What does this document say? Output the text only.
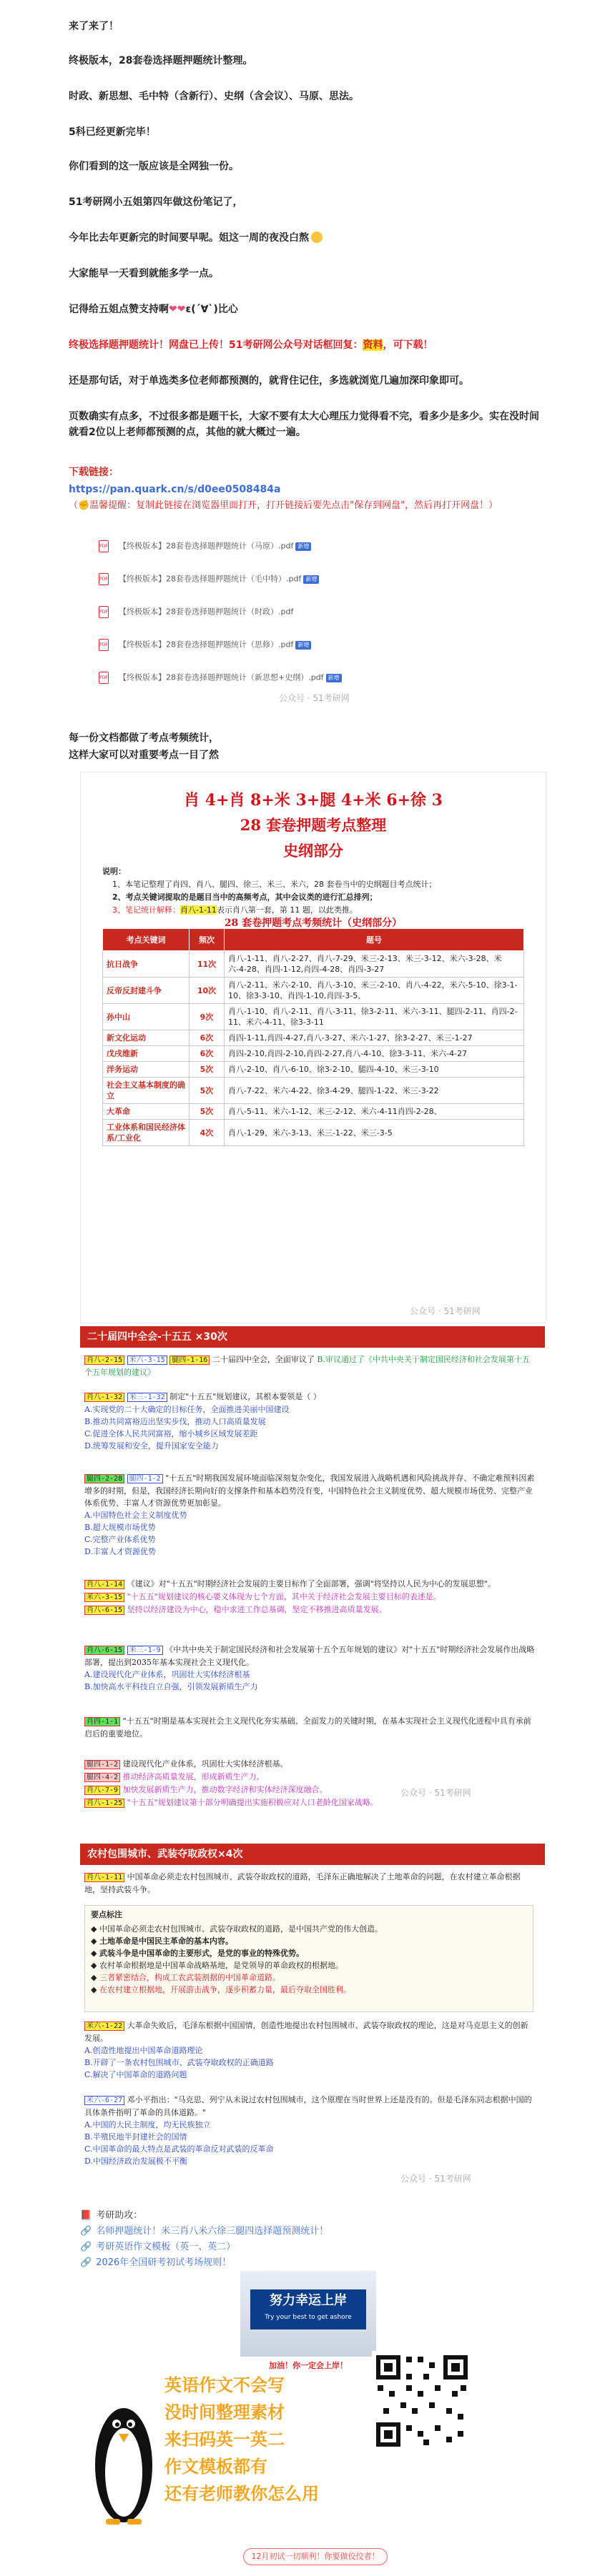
来了来了！

终极版本，28套卷选择题押题统计整理。

时政、新思想、毛中特（含新行）、史纲（含会议）、马原、思法。

5科已经更新完毕！

你们看到的这一版应该是全网独一份。

51考研网小五姐第四年做这份笔记了，

今年比去年更新完的时间要早呢。姐这一周的夜没白熬

大家能早一天看到就能多学一点。

记得给五姐点赞支持啊❤❤ε(´∀`)比心

终极选择题押题统计！网盘已上传！51考研网公众号对话框回复：资料，可下载！

还是那句话，对于单选类多位老师都预测的，就背住记住，多选就浏览几遍加深印象即可。

页数确实有点多，不过很多都是题干长，大家不要有太大心理压力觉得看不完，看多少是多少。实在没时间就看2位以上老师都预测的点，其他的就大概过一遍。

下载链接：

https://pan.quark.cn/s/d0ee0508484a

（✊温馨提醒：复制此链接在浏览器里面打开，打开链接后要先点击"保存到网盘"，然后再打开网盘！）

PDF 【终极版本】28套卷选择题押题统计（马原）.pdf 新增
PDF 【终极版本】28套卷选择题押题统计（毛中特）.pdf 新增
PDF 【终极版本】28套卷选择题押题统计（时政）.pdf
PDF 【终极版本】28套卷选择题押题统计（思修）.pdf 新增
PDF 【终极版本】28套卷选择题押题统计（新思想+史纲）.pdf 新增
公众号 · 51考研网

每一份文档都做了考点考频统计，

这样大家可以对重要考点一目了然

肖 4+肖 8+米 3+腿 4+米 6+徐 3
28 套卷押题考点整理
史纲部分
说明：
1、本笔记整理了肖四、肖八、腿四、徐三、米三、米六，28 套卷当中的史纲题目考点统计；
2、考点关键词提取的是题目当中的高频考点，其中会议类的进行汇总排列；
3、笔记统计解释：肖八-1-11表示肖八第一套，第 11 题，以此类推。
28 套卷押题考点考频统计（史纲部分）
考点关键词	频次	题号
抗日战争	11次	肖八-1-11、肖八-2-27、肖八-7-29、米三-2-13、米三-3-12、米六-3-28、米六-4-28、肖四-1-12,肖四-4-28、肖四-3-27
反帝反封建斗争	10次	肖八-2-11、米六-2-10、肖八-3-10、米三-2-10、肖八-4-22，米六-5-10、徐3-1-10、徐3-3-10、肖四-1-10,肖四-3-5、
孙中山	9次	肖八-1-10、肖八-2-11、肖八-3-11、徐3-2-11、米六-3-11、腿四-2-11、肖四-2-11、米六-4-11、徐3-3-11
新文化运动	6次	肖四-1-11,肖四-4-27,肖八-3-27、米六-1-27、徐3-2-27、米三-1-27
戊戌维新	6次	肖四-2-10,肖四-2-10,肖四-2-27,肖八-4-10、徐3-3-11、米六-4-27
洋务运动	5次	肖八-2-10、肖八-6-10、徐3-2-10、腿四-4-10、米三-3-10
社会主义基本制度的确立	5次	肖八-7-22、米六-4-22、徐3-4-29、腿四-1-22、米三-3-22
大革命	5次	肖八-5-11、米六-1-12、米三-2-12、米六-4-11肖四-2-28、
工业体系和国民经济体系/工业化	4次	肖八-1-29、米六-3-13、米三-1-22、米三-3-5
公众号 · 51考研网
二十届四中全会-十五五 ×30次
肖八-2-15 米六-3-15 腿四-1-16 二十届四中全会，全面审议了 B.审议通过了《中共中央关于制定国民经济和社会发展第十五个五年规划的建议》
肖八-1-32 米三-1-32 制定"十五五"规划建议，其根本要领是（ ）
A.实现党的二十大确定的目标任务，全面推进美丽中国建设
B.推动共同富裕迈出坚实步伐，推动人口高质量发展
C.促进全体人民共同富裕，缩小城乡区域发展差距
D.统筹发展和安全，提升国家安全能力
腿四-2-28 腿四-1-2 "十五五"时期我国发展环境面临深刻复杂变化，我国发展进入战略机遇和风险挑战并存、不确定难预料因素增多的时期，但是，我国经济长期向好的支撑条件和基本趋势没有变，中国特色社会主义制度优势、超大规模市场优势、完整产业体系优势、丰富人才资源优势更加彰显。
A.中国特色社会主义制度优势
B.超大规模市场优势
C.完整产业体系优势
D.丰富人才资源优势
肖八-1-14 《建议》对"十五五"时期经济社会发展的主要目标作了全面部署，强调"将坚持以人民为中心的发展思想"。
米六-3-15 "十五五"规划建议的核心要义体现为七个方面，其中关于经济社会发展主要目标的表述是。
肖八-6-15 坚持以经济建设为中心，稳中求进工作总基调，坚定不移推进高质量发展。
肖八-6-15 米三-1-9 《中共中央关于制定国民经济和社会发展第十五个五年规划的建议》对"十五五"时期经济社会发展作出战略部署，提出到2035年基本实现社会主义现代化。
A.建设现代化产业体系，巩固壮大实体经济根基
B.加快高水平科技自立自强，引领发展新质生产力
肖四-1-1 "十五五"时期是基本实现社会主义现代化夯实基础、全面发力的关键时期，在基本实现社会主义现代化进程中具有承前启后的重要地位。
腿四-1-2 建设现代化产业体系，巩固壮大实体经济根基。
腿四-4-2 推动经济高质量发展，形成新质生产力。
肖八-7-9 加快发展新质生产力，推动数字经济和实体经济深度融合。
肖八-1-25 "十五五"规划建议第十部分明确提出实施积极应对人口老龄化国家战略。
公众号 · 51考研网
农村包围城市、武装夺取政权×4次
肖八-1-11 中国革命必须走农村包围城市、武装夺取政权的道路，毛泽东正确地解决了土地革命的问题，在农村建立革命根据地，坚持武装斗争。
要点标注
◆ 中国革命必须走农村包围城市、武装夺取政权的道路，是中国共产党的伟大创造。
◆ 土地革命是中国民主革命的基本内容。
◆ 武装斗争是中国革命的主要形式，是党的事业的特殊优势。
◆ 农村革命根据地是中国革命战略基地，是党领导的革命政权的根据地。
◆ 三者紧密结合，构成工农武装割据的中国革命道路。
◆ 在农村建立根据地，开展游击战争，逐步积蓄力量，最后夺取全国胜利。
米六-1-22 大革命失败后，毛泽东根据中国国情，创造性地提出农村包围城市、武装夺取政权的理论，这是对马克思主义的创新发展。
A.创造性地提出中国革命道路理论
B.开辟了一条农村包围城市、武装夺取政权的正确道路
C.解决了中国革命的道路问题
米六-6-27 邓小平指出："马克思、列宁从未说过农村包围城市，这个原理在当时世界上还是没有的。但是毛泽东同志根据中国的具体条件指明了革命的具体道路。"
A.中国的大民主制度，均无民族独立
B.半殖民地半封建社会的国情
C.中国革命的最大特点是武装的革命反对武装的反革命
D.中国经济政治发展极不平衡
公众号 · 51考研网
📕 考研助攻：
🔗 名师押题统计！米三肖八米六徐三腿四选择题预测统计！
🔗 考研英语作文模板（英一、英二）
🔗 2026年全国研考初试考场规则！
努力幸运上岸
Try your best to get ashore
加油！你一定会上岸！
英语作文不会写
没时间整理素材
来扫码英一英二
作文模板都有
还有老师教你怎么用
12月初试一切顺利！你要做佼佼者！
